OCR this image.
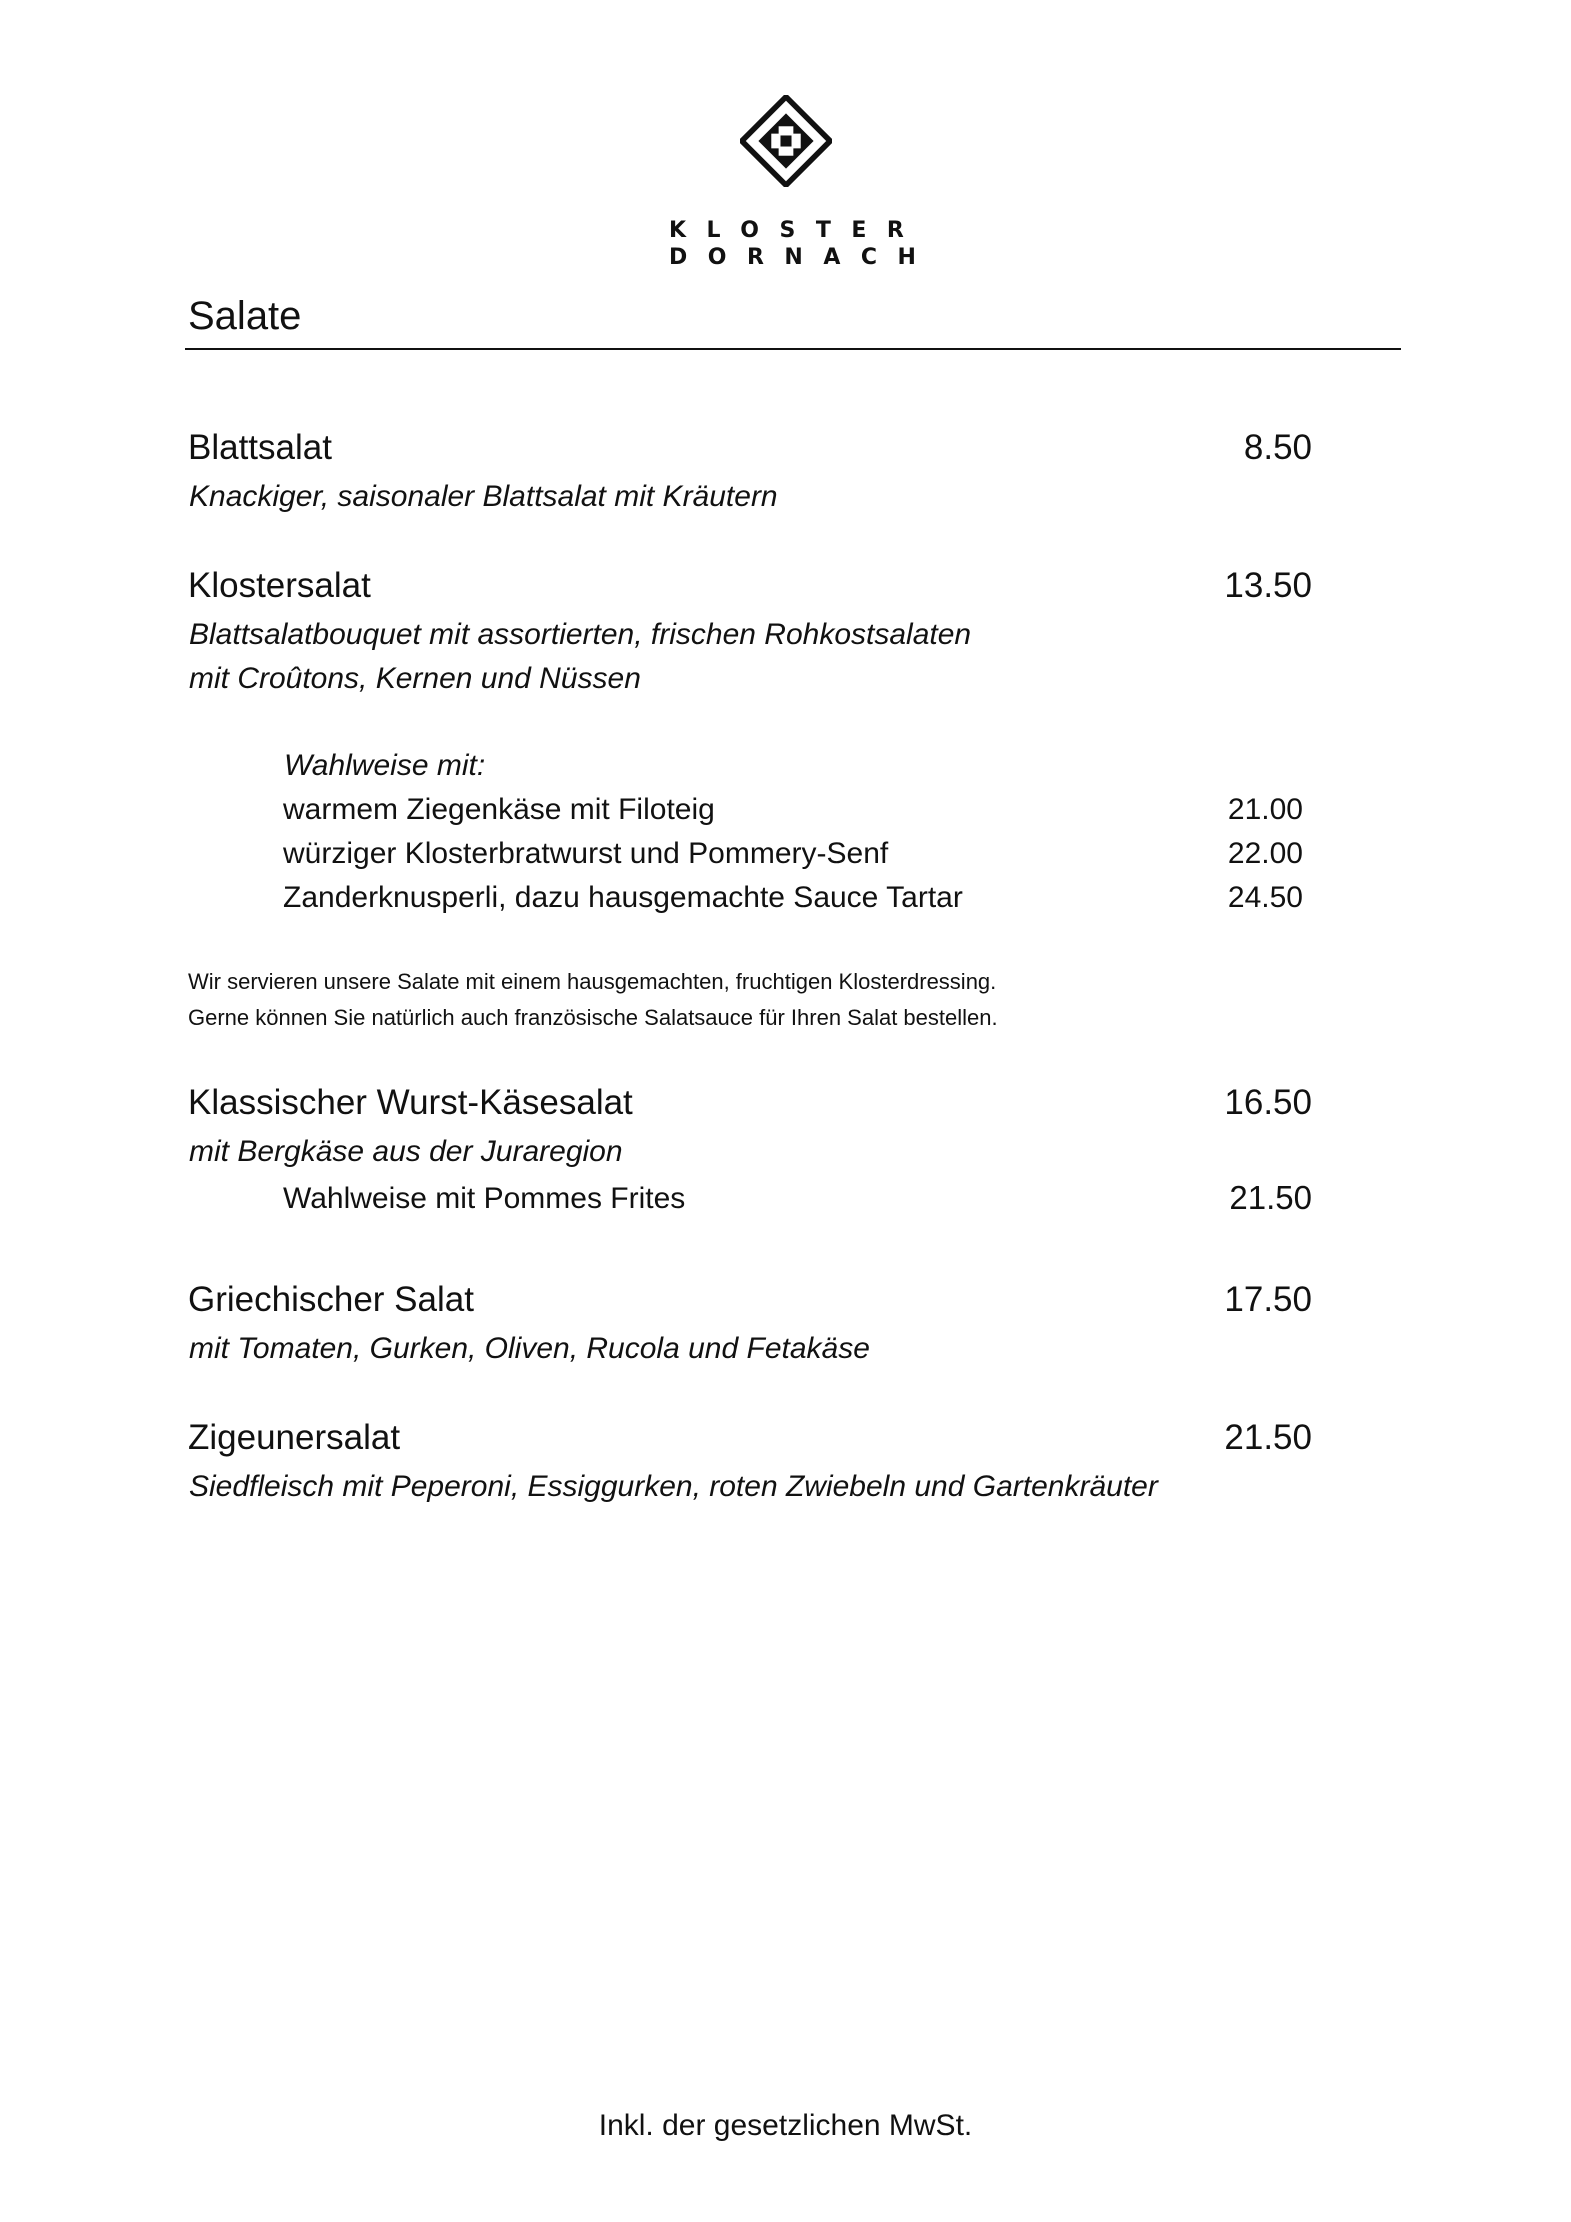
KLOSTER
DORNACH
Salate
Blattsalat	8.50
Knackiger, saisonaler Blattsalat mit Kräutern
Klostersalat	13.50
Blattsalatbouquet mit assortierten, frischen Rohkostsalaten
mit Croûtons, Kernen und Nüssen
Wahlweise mit:
warmem Ziegenkäse mit Filoteig	21.00
würziger Klosterbratwurst und Pommery-Senf	22.00
Zanderknusperli, dazu hausgemachte Sauce Tartar	24.50
Wir servieren unsere Salate mit einem hausgemachten, fruchtigen Klosterdressing.
Gerne können Sie natürlich auch französische Salatsauce für Ihren Salat bestellen.
Klassischer Wurst-Käsesalat	16.50
mit Bergkäse aus der Juraregion
Wahlweise mit Pommes Frites	21.50
Griechischer Salat	17.50
mit Tomaten, Gurken, Oliven, Rucola und Fetakäse
Zigeunersalat	21.50
Siedfleisch mit Peperoni, Essiggurken, roten Zwiebeln und Gartenkräuter
Inkl. der gesetzlichen MwSt.
